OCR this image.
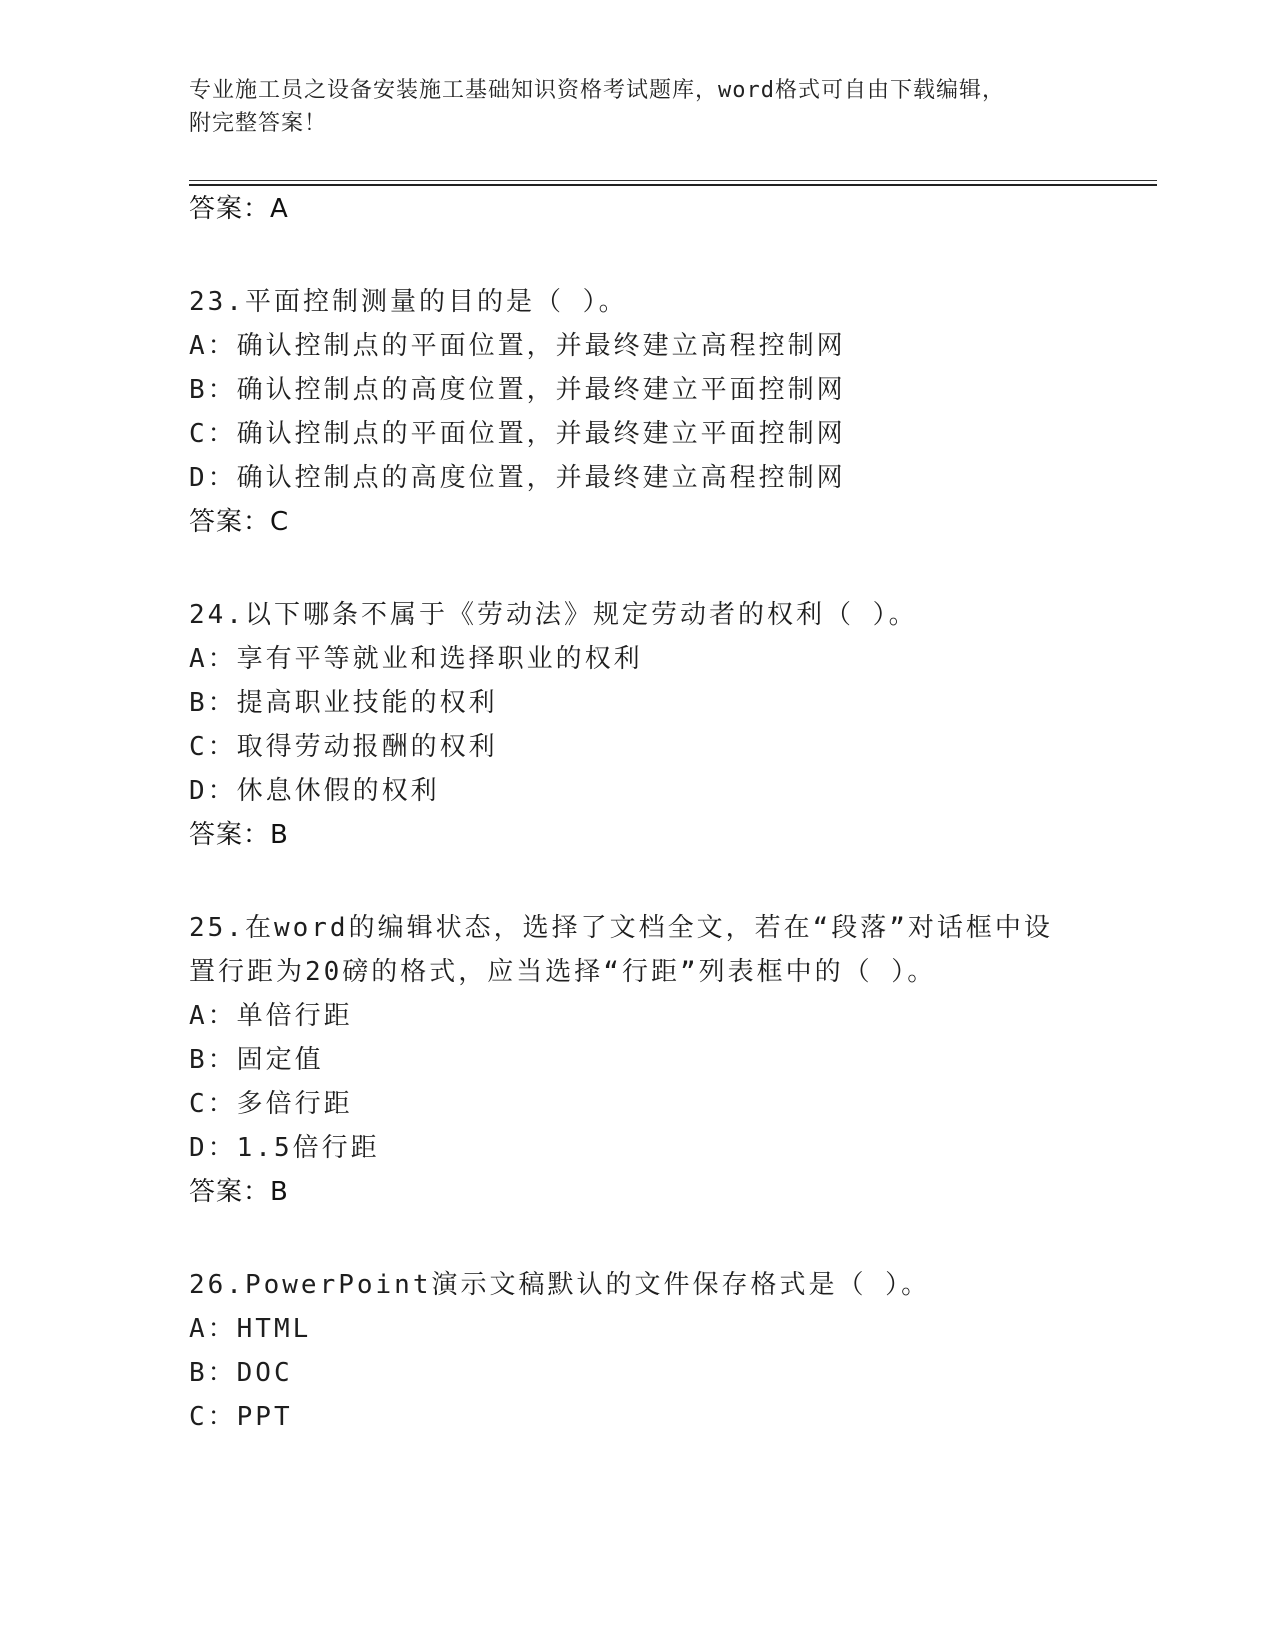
专业施工员之设备安装施工基础知识资格考试题库，word格式可自由下载编辑，
附完整答案！
答案：A
23.平面控制测量的目的是（ ）。
A：确认控制点的平面位置，并最终建立高程控制网
B：确认控制点的高度位置，并最终建立平面控制网
C：确认控制点的平面位置，并最终建立平面控制网
D：确认控制点的高度位置，并最终建立高程控制网
答案：C
24.以下哪条不属于《劳动法》规定劳动者的权利（ ）。
A：享有平等就业和选择职业的权利
B：提高职业技能的权利
C：取得劳动报酬的权利
D：休息休假的权利
答案：B
25.在word的编辑状态，选择了文档全文，若在“段落”对话框中设
置行距为20磅的格式，应当选择“行距”列表框中的（ ）。
A：单倍行距
B：固定值
C：多倍行距
D：1.5倍行距
答案：B
26.PowerPoint演示文稿默认的文件保存格式是（ ）。
A：HTML
B：DOC
C：PPT
